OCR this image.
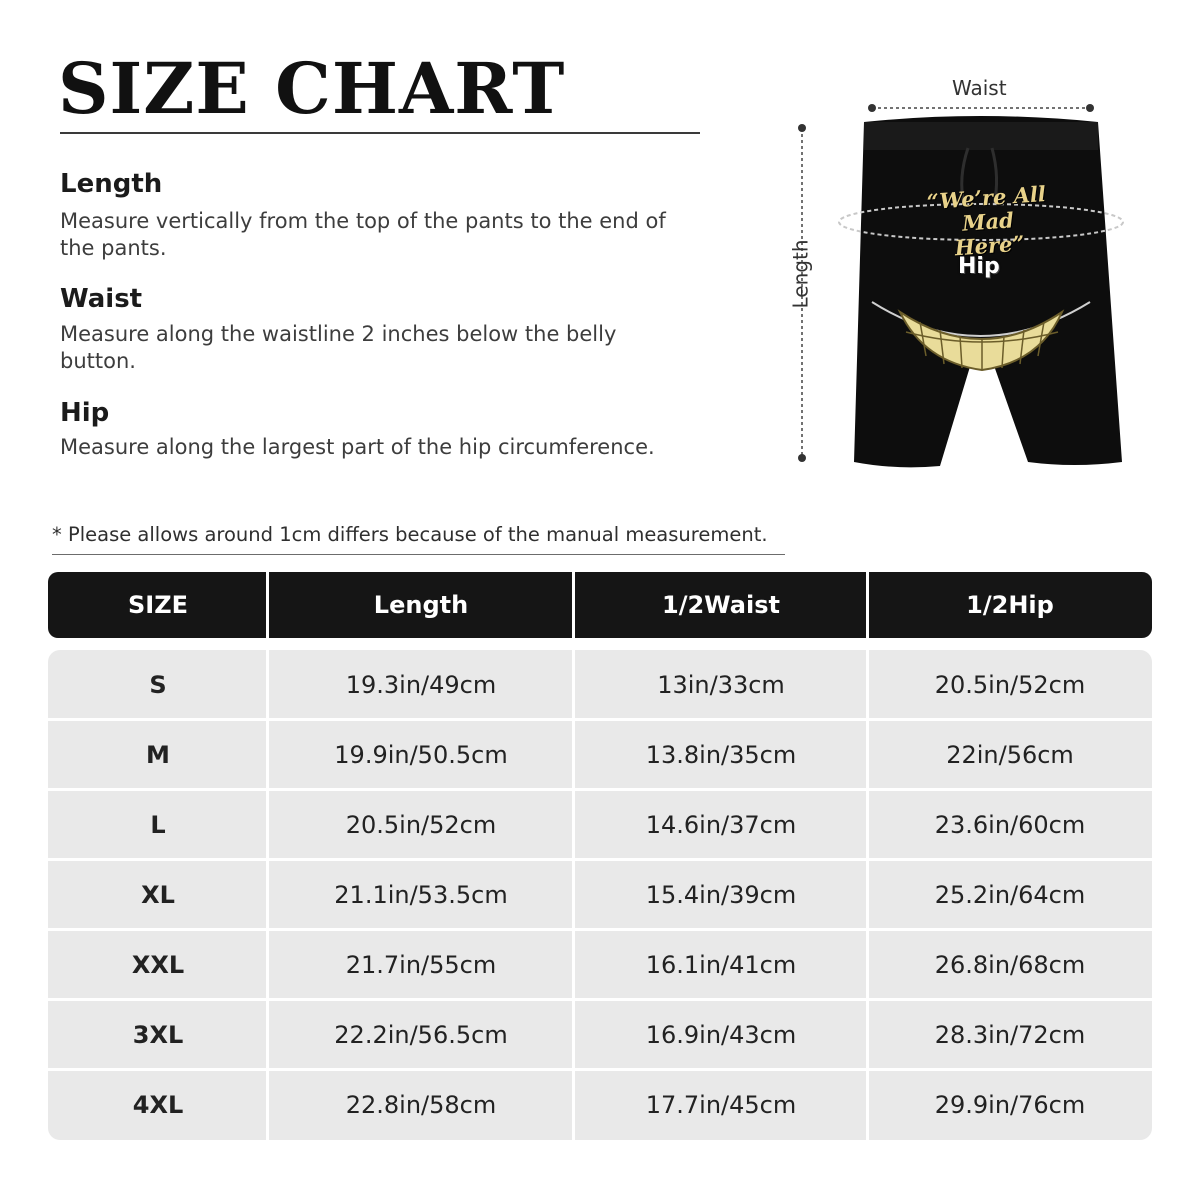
SIZE CHART
Length
Measure vertically from the top of the pants to the end of the pants.
Waist
Measure along the waistline 2 inches below the belly button.
Hip
Measure along the largest part of the hip circumference.
Waist
Length
“We’re All Mad Here”
Hip
* Please allows around 1cm differs because of the manual measurement.
SIZE	Length	1/2Waist	1/2Hip
S	19.3in/49cm	13in/33cm	20.5in/52cm
M	19.9in/50.5cm	13.8in/35cm	22in/56cm
L	20.5in/52cm	14.6in/37cm	23.6in/60cm
XL	21.1in/53.5cm	15.4in/39cm	25.2in/64cm
XXL	21.7in/55cm	16.1in/41cm	26.8in/68cm
3XL	22.2in/56.5cm	16.9in/43cm	28.3in/72cm
4XL	22.8in/58cm	17.7in/45cm	29.9in/76cm
